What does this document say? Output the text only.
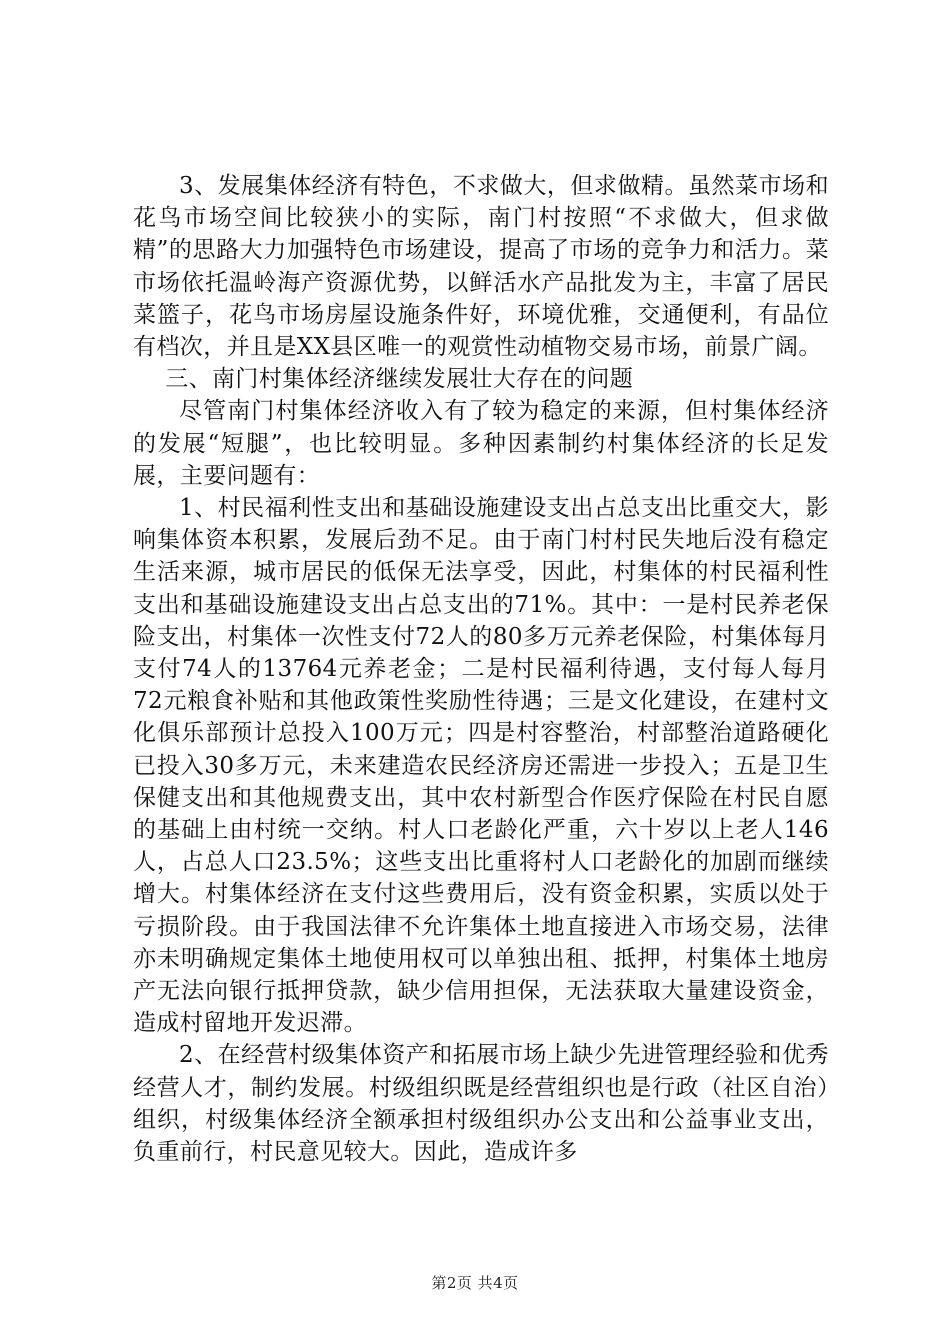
3、发展集体经济有特色，不求做大，但求做精。虽然菜市场和花鸟市场空间比较狭小的实际，南门村按照“不求做大，但求做精”的思路大力加强特色市场建设，提高了市场的竞争力和活力。菜市场依托温岭海产资源优势，以鲜活水产品批发为主，丰富了居民菜篮子，花鸟市场房屋设施条件好，环境优雅，交通便利，有品位有档次，并且是XX县区唯一的观赏性动植物交易市场，前景广阔。

三、南门村集体经济继续发展壮大存在的问题

尽管南门村集体经济收入有了较为稳定的来源，但村集体经济的发展“短腿”，也比较明显。多种因素制约村集体经济的长足发展，主要问题有：

1、村民福利性支出和基础设施建设支出占总支出比重交大，影响集体资本积累，发展后劲不足。由于南门村村民失地后没有稳定生活来源，城市居民的低保无法享受，因此，村集体的村民福利性支出和基础设施建设支出占总支出的71%。其中：一是村民养老保险支出，村集体一次性支付72人的80多万元养老保险，村集体每月支付74人的13764元养老金；二是村民福利待遇，支付每人每月72元粮食补贴和其他政策性奖励性待遇；三是文化建设，在建村文化俱乐部预计总投入100万元；四是村容整治，村部整治道路硬化已投入30多万元，未来建造农民经济房还需进一步投入；五是卫生保健支出和其他规费支出，其中农村新型合作医疗保险在村民自愿的基础上由村统一交纳。村人口老龄化严重，六十岁以上老人146人，占总人口23.5%；这些支出比重将村人口老龄化的加剧而继续增大。村集体经济在支付这些费用后，没有资金积累，实质以处于亏损阶段。由于我国法律不允许集体土地直接进入市场交易，法律亦未明确规定集体土地使用权可以单独出租、抵押，村集体土地房产无法向银行抵押贷款，缺少信用担保，无法获取大量建设资金，造成村留地开发迟滞。

2、在经营村级集体资产和拓展市场上缺少先进管理经验和优秀经营人才，制约发展。村级组织既是经营组织也是行政（社区自治）组织，村级集体经济全额承担村级组织办公支出和公益事业支出，负重前行，村民意见较大。因此，造成许多

第2页 共4页
